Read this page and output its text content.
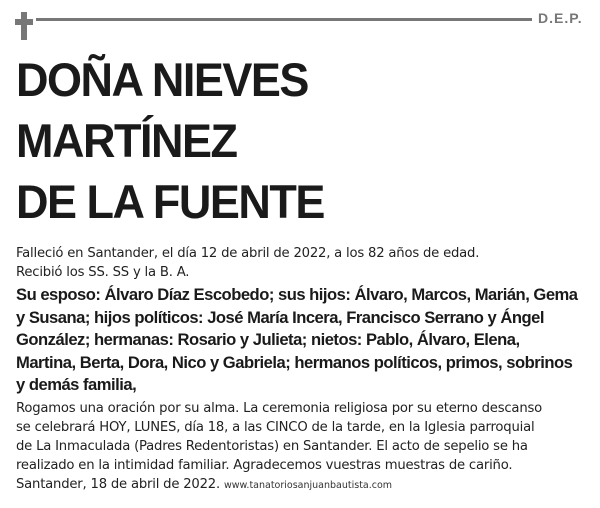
D.E.P.
DOÑA NIEVES
MARTÍNEZ
DE LA FUENTE
Falleció en Santander, el día 12 de abril de 2022, a los 82 años de edad.
Recibió los SS. SS y la B. A.
Su esposo: Álvaro Díaz Escobedo; sus hijos: Álvaro, Marcos, Marián, Gema
y Susana; hijos políticos: José María Incera, Francisco Serrano y Ángel
González; hermanas: Rosario y Julieta; nietos: Pablo, Álvaro, Elena,
Martina, Berta, Dora, Nico y Gabriela; hermanos políticos, primos, sobrinos
y demás familia,
Rogamos una oración por su alma. La ceremonia religiosa por su eterno descanso
se celebrará HOY, LUNES, día 18, a las CINCO de la tarde, en la Iglesia parroquial
de La Inmaculada (Padres Redentoristas) en Santander. El acto de sepelio se ha
realizado en la intimidad familiar. Agradecemos vuestras muestras de cariño.
Santander, 18 de abril de 2022. www.tanatoriosanjuanbautista.com
